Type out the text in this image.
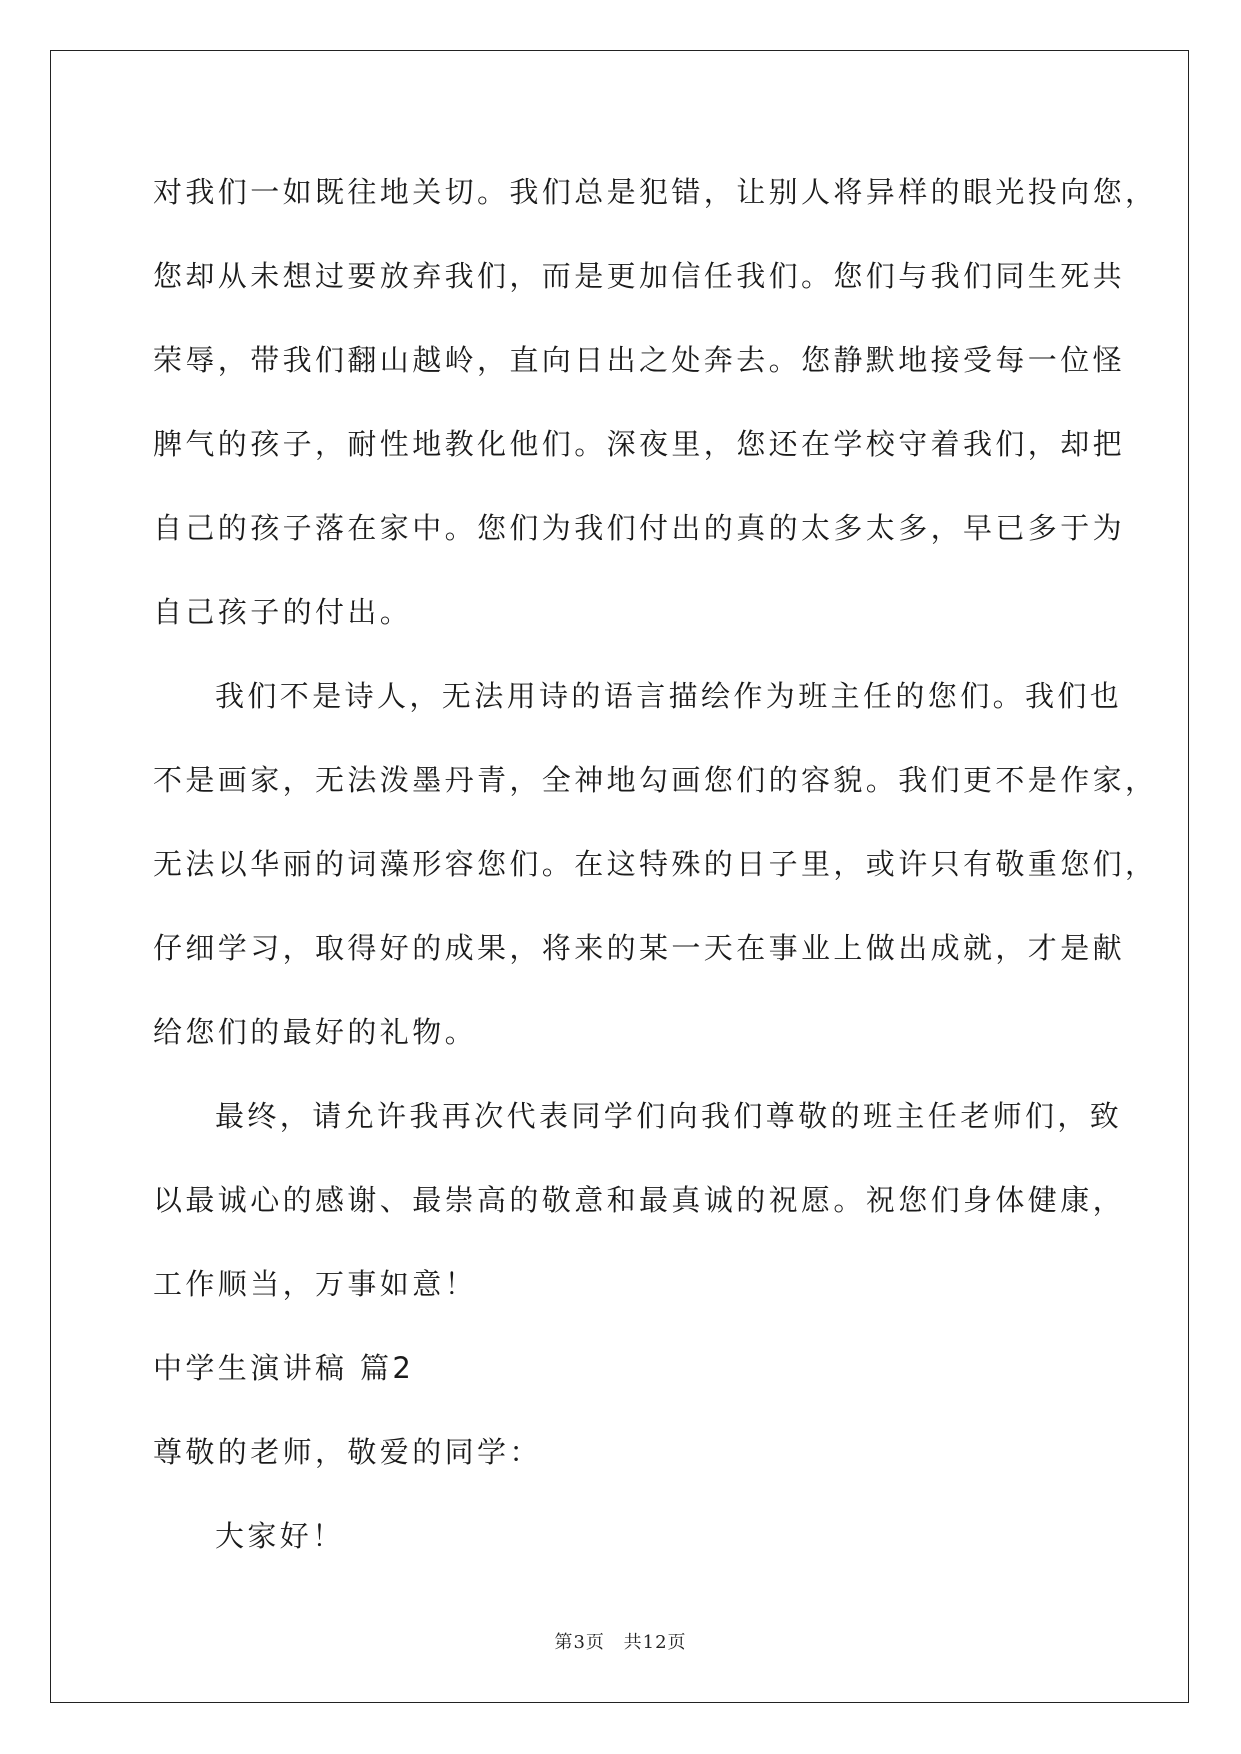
对我们一如既往地关切。我们总是犯错，让别人将异样的眼光投向您，
您却从未想过要放弃我们，而是更加信任我们。您们与我们同生死共
荣辱，带我们翻山越岭，直向日出之处奔去。您静默地接受每一位怪
脾气的孩子，耐性地教化他们。深夜里，您还在学校守着我们，却把
自己的孩子落在家中。您们为我们付出的真的太多太多，早已多于为
自己孩子的付出。
我们不是诗人，无法用诗的语言描绘作为班主任的您们。我们也
不是画家，无法泼墨丹青，全神地勾画您们的容貌。我们更不是作家，
无法以华丽的词藻形容您们。在这特殊的日子里，或许只有敬重您们，
仔细学习，取得好的成果，将来的某一天在事业上做出成就，才是献
给您们的最好的礼物。
最终，请允许我再次代表同学们向我们尊敬的班主任老师们，致
以最诚心的感谢、最崇高的敬意和最真诚的祝愿。祝您们身体健康，
工作顺当，万事如意！
中学生演讲稿 篇2
尊敬的老师，敬爱的同学：
大家好！
第3页 共12页
